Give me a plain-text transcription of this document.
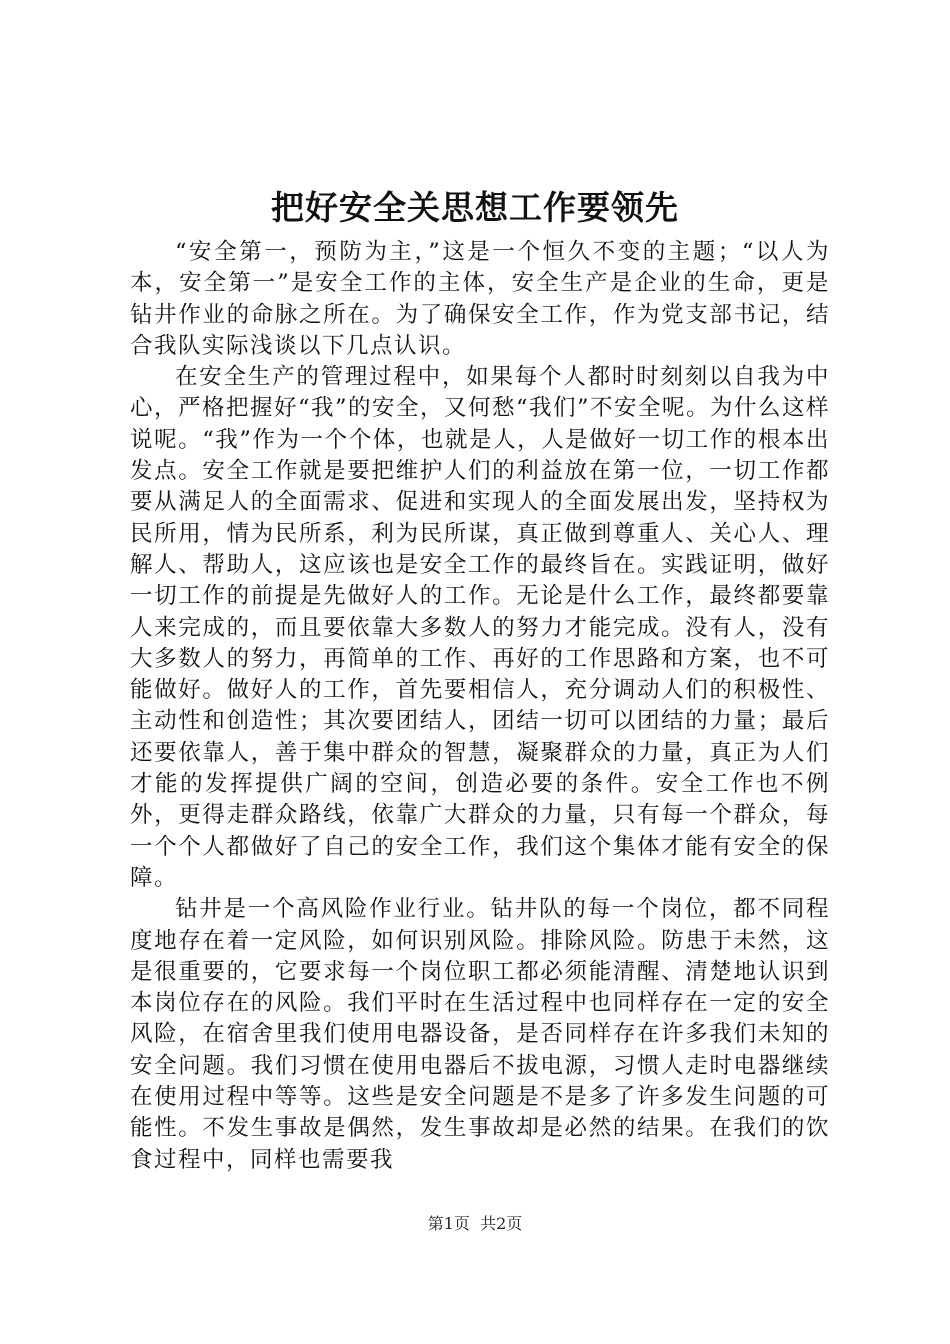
把好安全关思想工作要领先

“安全第一，预防为主，”这是一个恒久不变的主题；“以人为本，安全第一”是安全工作的主体，安全生产是企业的生命，更是钻井作业的命脉之所在。为了确保安全工作，作为党支部书记，结合我队实际浅谈以下几点认识。

在安全生产的管理过程中，如果每个人都时时刻刻以自我为中心，严格把握好“我”的安全，又何愁“我们”不安全呢。为什么这样说呢。“我”作为一个个体，也就是人，人是做好一切工作的根本出发点。安全工作就是要把维护人们的利益放在第一位，一切工作都要从满足人的全面需求、促进和实现人的全面发展出发，坚持权为民所用，情为民所系，利为民所谋，真正做到尊重人、关心人、理解人、帮助人，这应该也是安全工作的最终旨在。实践证明，做好一切工作的前提是先做好人的工作。无论是什么工作，最终都要靠人来完成的，而且要依靠大多数人的努力才能完成。没有人，没有大多数人的努力，再简单的工作、再好的工作思路和方案，也不可能做好。做好人的工作，首先要相信人，充分调动人们的积极性、主动性和创造性；其次要团结人，团结一切可以团结的力量；最后还要依靠人，善于集中群众的智慧，凝聚群众的力量，真正为人们才能的发挥提供广阔的空间，创造必要的条件。安全工作也不例外，更得走群众路线，依靠广大群众的力量，只有每一个群众，每一个个人都做好了自己的安全工作，我们这个集体才能有安全的保障。

钻井是一个高风险作业行业。钻井队的每一个岗位，都不同程度地存在着一定风险，如何识别风险。排除风险。防患于未然，这是很重要的，它要求每一个岗位职工都必须能清醒、清楚地认识到本岗位存在的风险。我们平时在生活过程中也同样存在一定的安全风险，在宿舍里我们使用电器设备，是否同样存在许多我们未知的安全问题。我们习惯在使用电器后不拔电源，习惯人走时电器继续在使用过程中等等。这些是安全问题是不是多了许多发生问题的可能性。不发生事故是偶然，发生事故却是必然的结果。在我们的饮食过程中，同样也需要我

第1页  共2页
